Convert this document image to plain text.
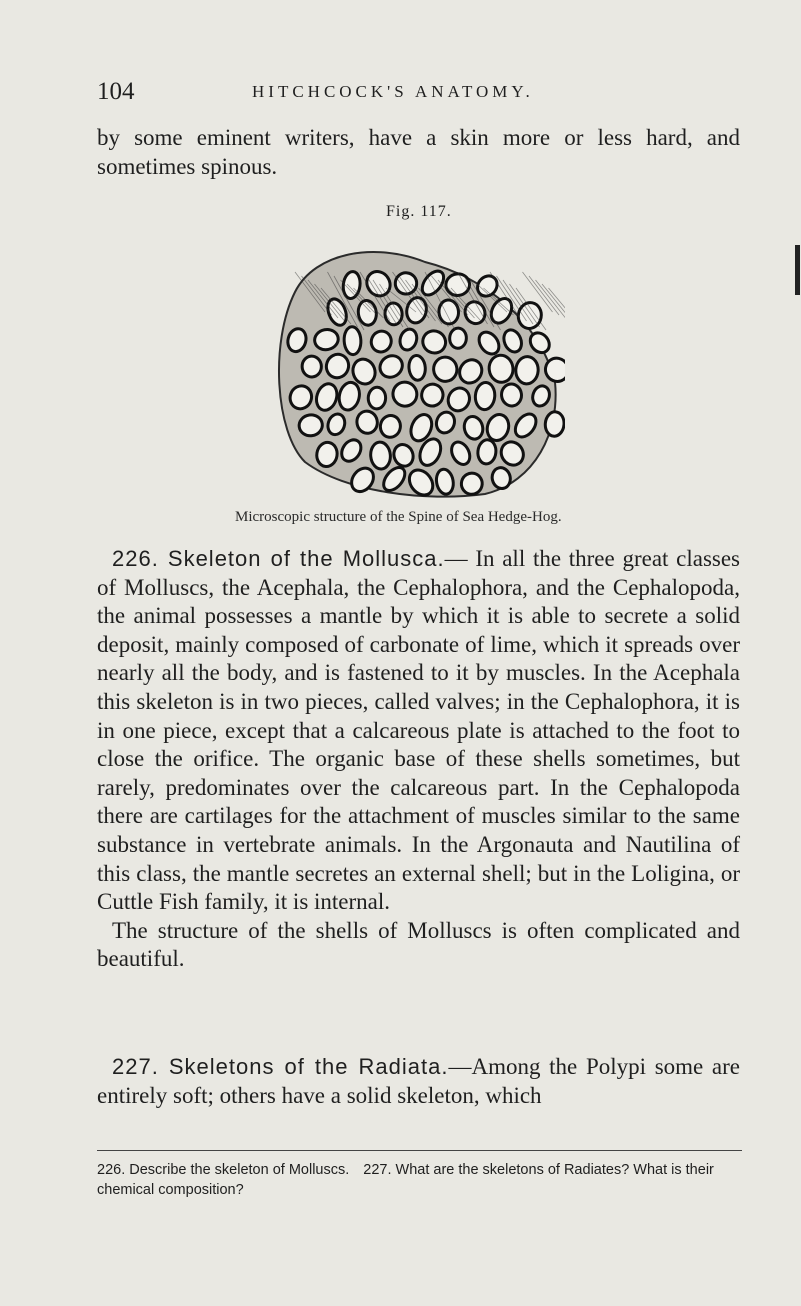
104	HITCHCOCK'S ANATOMY.

by some eminent writers, have a skin more or less hard, and sometimes spinous.

Fig. 117.
Microscopic structure of the Spine of Sea Hedge-Hog.

226. Skeleton of the Mollusca.— In all the three great classes of Molluscs, the Acephala, the Cephalophora, and the Cephalopoda, the animal possesses a mantle by which it is able to secrete a solid deposit, mainly composed of carbonate of lime, which it spreads over nearly all the body, and is fastened to it by muscles. In the Acephala this skeleton is in two pieces, called valves; in the Cephalophora, it is in one piece, except that a calcareous plate is attached to the foot to close the orifice. The organic base of these shells sometimes, but rarely, predominates over the calcareous part. In the Cephalopoda there are cartilages for the attachment of muscles similar to the same substance in vertebrate animals. In the Argonauta and Nautilina of this class, the mantle secretes an external shell; but in the Loligina, or Cuttle Fish family, it is internal.

The structure of the shells of Molluscs is often complicated and beautiful.

227. Skeletons of the Radiata.—Among the Polypi some are entirely soft; others have a solid skeleton, which

226. Describe the skeleton of Molluscs. 227. What are the skeletons of Radiates? What is their chemical composition?
